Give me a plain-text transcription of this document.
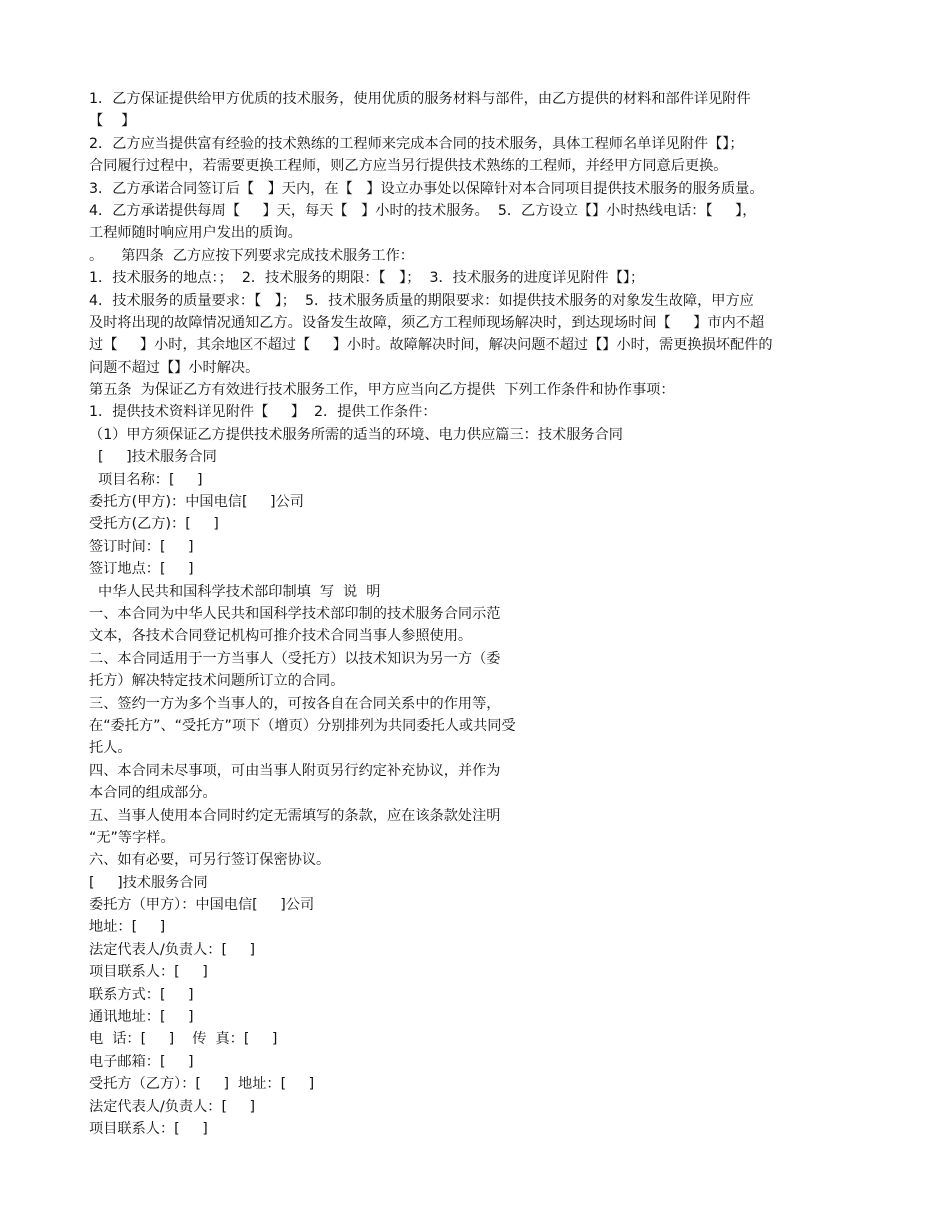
1．乙方保证提供给甲方优质的技术服务，使用优质的服务材料与部件，由乙方提供的材料和部件详见附件
【    】
2．乙方应当提供富有经验的技术熟练的工程师来完成本合同的技术服务，具体工程师名单详见附件【】；
合同履行过程中，若需要更换工程师，则乙方应当另行提供技术熟练的工程师，并经甲方同意后更换。
3．乙方承诺合同签订后【   】天内，在【   】设立办事处以保障针对本合同项目提供技术服务的服务质量。
4．乙方承诺提供每周【     】天，每天【   】小时的技术服务。  5．乙方设立【】小时热线电话：【     】，
工程师随时响应用户发出的质询。
。    第四条  乙方应按下列要求完成技术服务工作：
1．技术服务的地点：；  2．技术服务的期限：【   】；  3．技术服务的进度详见附件【】；
4．技术服务的质量要求：【   】；  5．技术服务质量的期限要求：如提供技术服务的对象发生故障，甲方应
及时将出现的故障情况通知乙方。设备发生故障，须乙方工程师现场解决时，到达现场时间【     】市内不超
过【     】小时，其余地区不超过【     】小时。故障解决时间，解决问题不超过【】小时，需更换损坏配件的
问题不超过【】小时解决。
第五条  为保证乙方有效进行技术服务工作，甲方应当向乙方提供  下列工作条件和协作事项：
1．提供技术资料详见附件【     】  2．提供工作条件：
（1）甲方须保证乙方提供技术服务所需的适当的环境、电力供应篇三：技术服务合同
[     ]技术服务合同
项目名称：[     ]
委托方(甲方)：中国电信[     ]公司
受托方(乙方)：[     ]
签订时间：[     ]
签订地点：[     ]
中华人民共和国科学技术部印制填  写  说  明
一、本合同为中华人民共和国科学技术部印制的技术服务合同示范
文本，各技术合同登记机构可推介技术合同当事人参照使用。
二、本合同适用于一方当事人（受托方）以技术知识为另一方（委
托方）解决特定技术问题所订立的合同。
三、签约一方为多个当事人的，可按各自在合同关系中的作用等，
在“委托方”、“受托方”项下（增页）分别排列为共同委托人或共同受
托人。
四、本合同未尽事项，可由当事人附页另行约定补充协议，并作为
本合同的组成部分。
五、当事人使用本合同时约定无需填写的条款，应在该条款处注明
“无”等字样。
六、如有必要，可另行签订保密协议。
[     ]技术服务合同
委托方（甲方）：中国电信[     ]公司
地址：[     ]
法定代表人/负责人：[     ]
项目联系人：[     ]
联系方式：[     ]
通讯地址：[     ]
电  话：[     ]    传  真：[     ]
电子邮箱：[     ]
受托方（乙方）：[     ]  地址：[     ]
法定代表人/负责人：[     ]
项目联系人：[     ]
